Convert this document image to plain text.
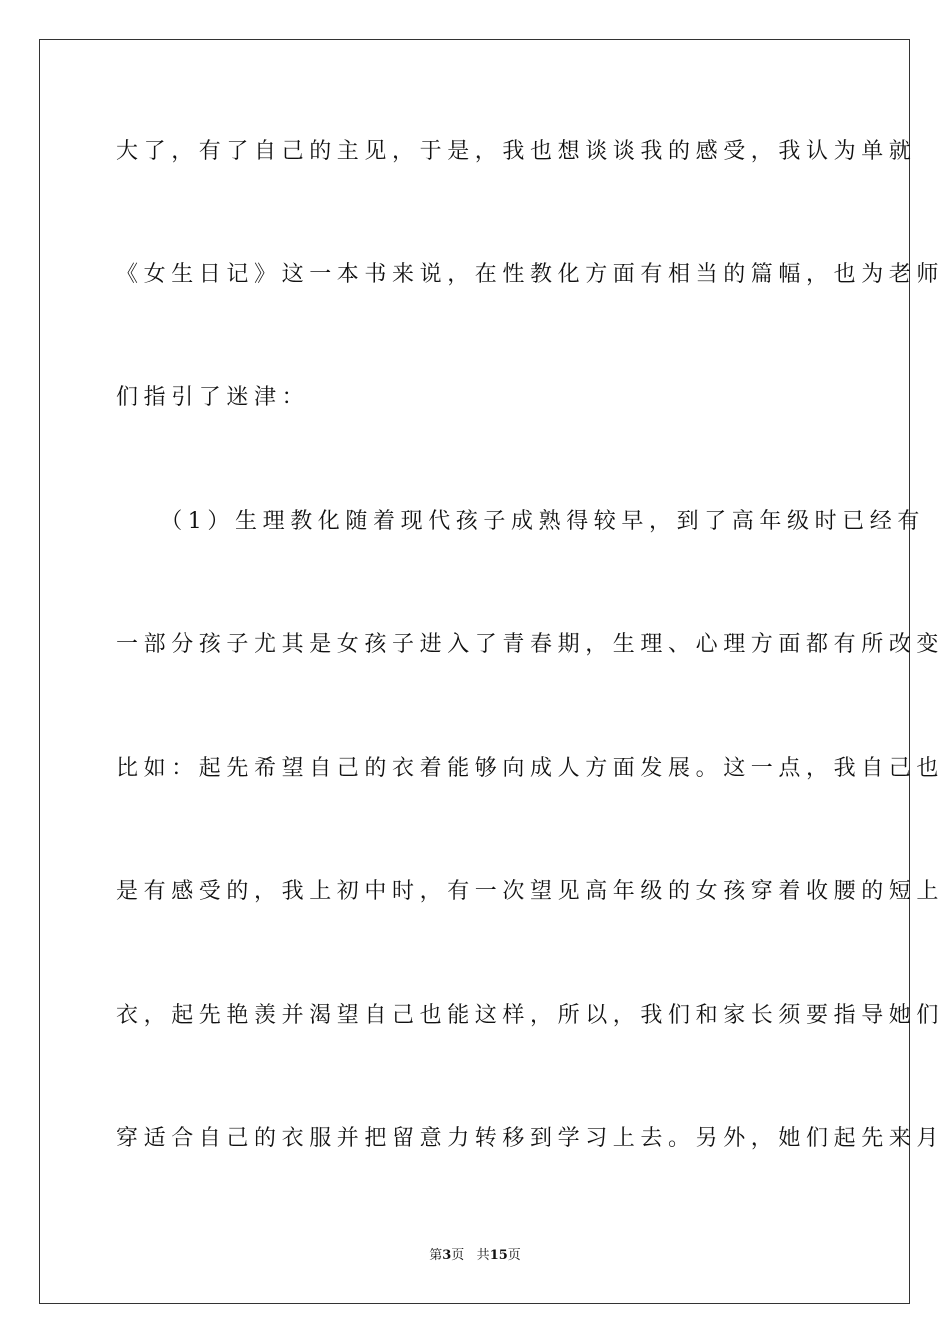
大了，有了自己的主见，于是，我也想谈谈我的感受，我认为单就
《女生日记》这一本书来说，在性教化方面有相当的篇幅，也为老师
们指引了迷津：
　　（1）生理教化随着现代孩子成熟得较早，到了高年级时已经有
一部分孩子尤其是女孩子进入了青春期，生理、心理方面都有所改变
比如：起先希望自己的衣着能够向成人方面发展。这一点，我自己也
是有感受的，我上初中时，有一次望见高年级的女孩穿着收腰的短上
衣，起先艳羡并渴望自己也能这样，所以，我们和家长须要指导她们
穿适合自己的衣服并把留意力转移到学习上去。另外，她们起先来月
第3页 共15页
